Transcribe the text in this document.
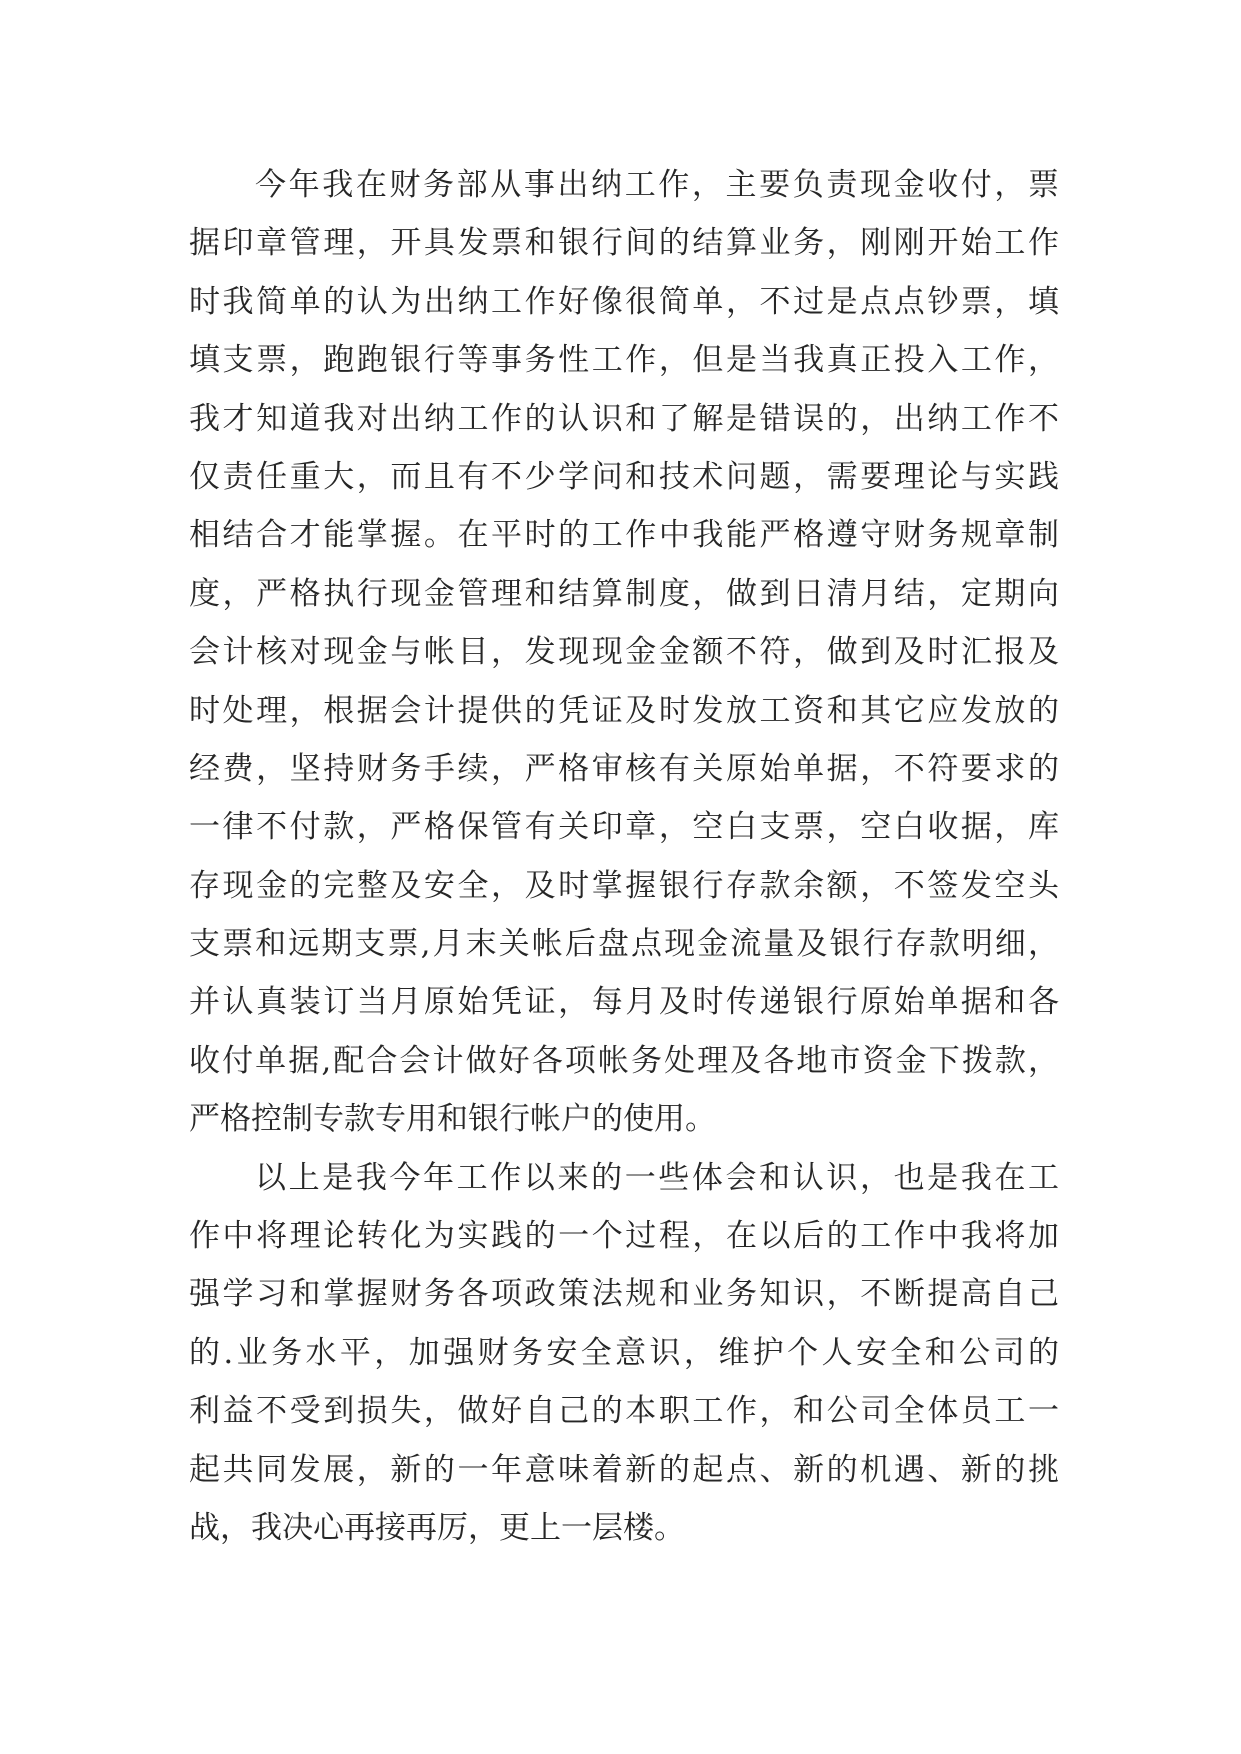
今年我在财务部从事出纳工作，主要负责现金收付，票
据印章管理，开具发票和银行间的结算业务，刚刚开始工作
时我简单的认为出纳工作好像很简单，不过是点点钞票，填
填支票，跑跑银行等事务性工作，但是当我真正投入工作，
我才知道我对出纳工作的认识和了解是错误的，出纳工作不
仅责任重大，而且有不少学问和技术问题，需要理论与实践
相结合才能掌握。在平时的工作中我能严格遵守财务规章制
度，严格执行现金管理和结算制度，做到日清月结，定期向
会计核对现金与帐目，发现现金金额不符，做到及时汇报及
时处理，根据会计提供的凭证及时发放工资和其它应发放的
经费，坚持财务手续，严格审核有关原始单据，不符要求的
一律不付款，严格保管有关印章，空白支票，空白收据，库
存现金的完整及安全，及时掌握银行存款余额，不签发空头
支票和远期支票,月末关帐后盘点现金流量及银行存款明细，
并认真装订当月原始凭证，每月及时传递银行原始单据和各
收付单据,配合会计做好各项帐务处理及各地市资金下拨款，
严格控制专款专用和银行帐户的使用。
以上是我今年工作以来的一些体会和认识，也是我在工
作中将理论转化为实践的一个过程，在以后的工作中我将加
强学习和掌握财务各项政策法规和业务知识，不断提高自己
的.业务水平，加强财务安全意识，维护个人安全和公司的
利益不受到损失，做好自己的本职工作，和公司全体员工一
起共同发展，新的一年意味着新的起点、新的机遇、新的挑
战，我决心再接再厉，更上一层楼。
